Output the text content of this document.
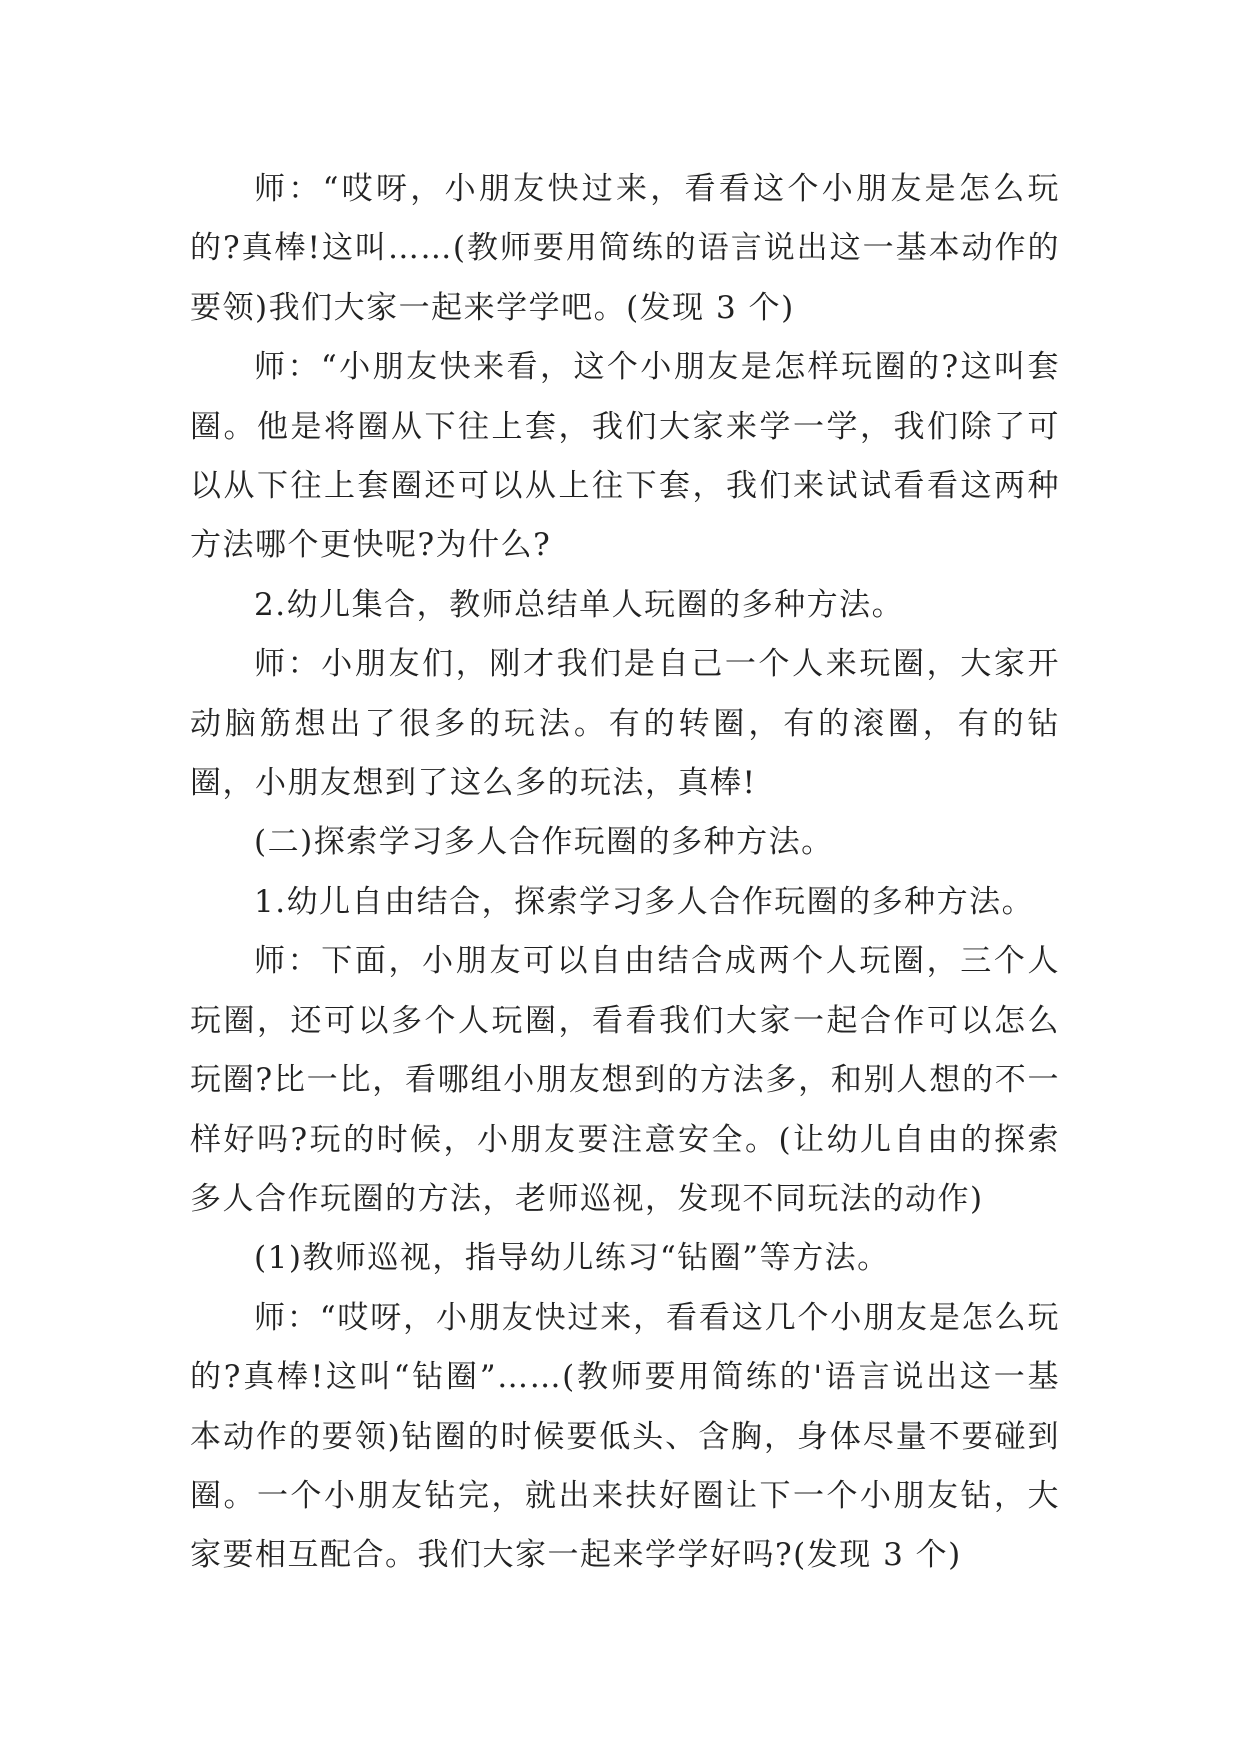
师：“哎呀，小朋友快过来，看看这个小朋友是怎么玩的?真棒!这叫……(教师要用简练的语言说出这一基本动作的要领)我们大家一起来学学吧。(发现 3 个)

师：“小朋友快来看，这个小朋友是怎样玩圈的?这叫套圈。他是将圈从下往上套，我们大家来学一学，我们除了可以从下往上套圈还可以从上往下套，我们来试试看看这两种方法哪个更快呢?为什么?

2.幼儿集合，教师总结单人玩圈的多种方法。

师：小朋友们，刚才我们是自己一个人来玩圈，大家开动脑筋想出了很多的玩法。有的转圈，有的滚圈，有的钻圈，小朋友想到了这么多的玩法，真棒!

(二)探索学习多人合作玩圈的多种方法。

1.幼儿自由结合，探索学习多人合作玩圈的多种方法。

师：下面，小朋友可以自由结合成两个人玩圈，三个人玩圈，还可以多个人玩圈，看看我们大家一起合作可以怎么玩圈?比一比，看哪组小朋友想到的方法多，和别人想的不一样好吗?玩的时候，小朋友要注意安全。(让幼儿自由的探索多人合作玩圈的方法，老师巡视，发现不同玩法的动作)

(1)教师巡视，指导幼儿练习“钻圈”等方法。

师：“哎呀，小朋友快过来，看看这几个小朋友是怎么玩的?真棒!这叫“钻圈”……(教师要用简练的'语言说出这一基本动作的要领)钻圈的时候要低头、含胸，身体尽量不要碰到圈。一个小朋友钻完，就出来扶好圈让下一个小朋友钻，大家要相互配合。我们大家一起来学学好吗?(发现 3 个)
